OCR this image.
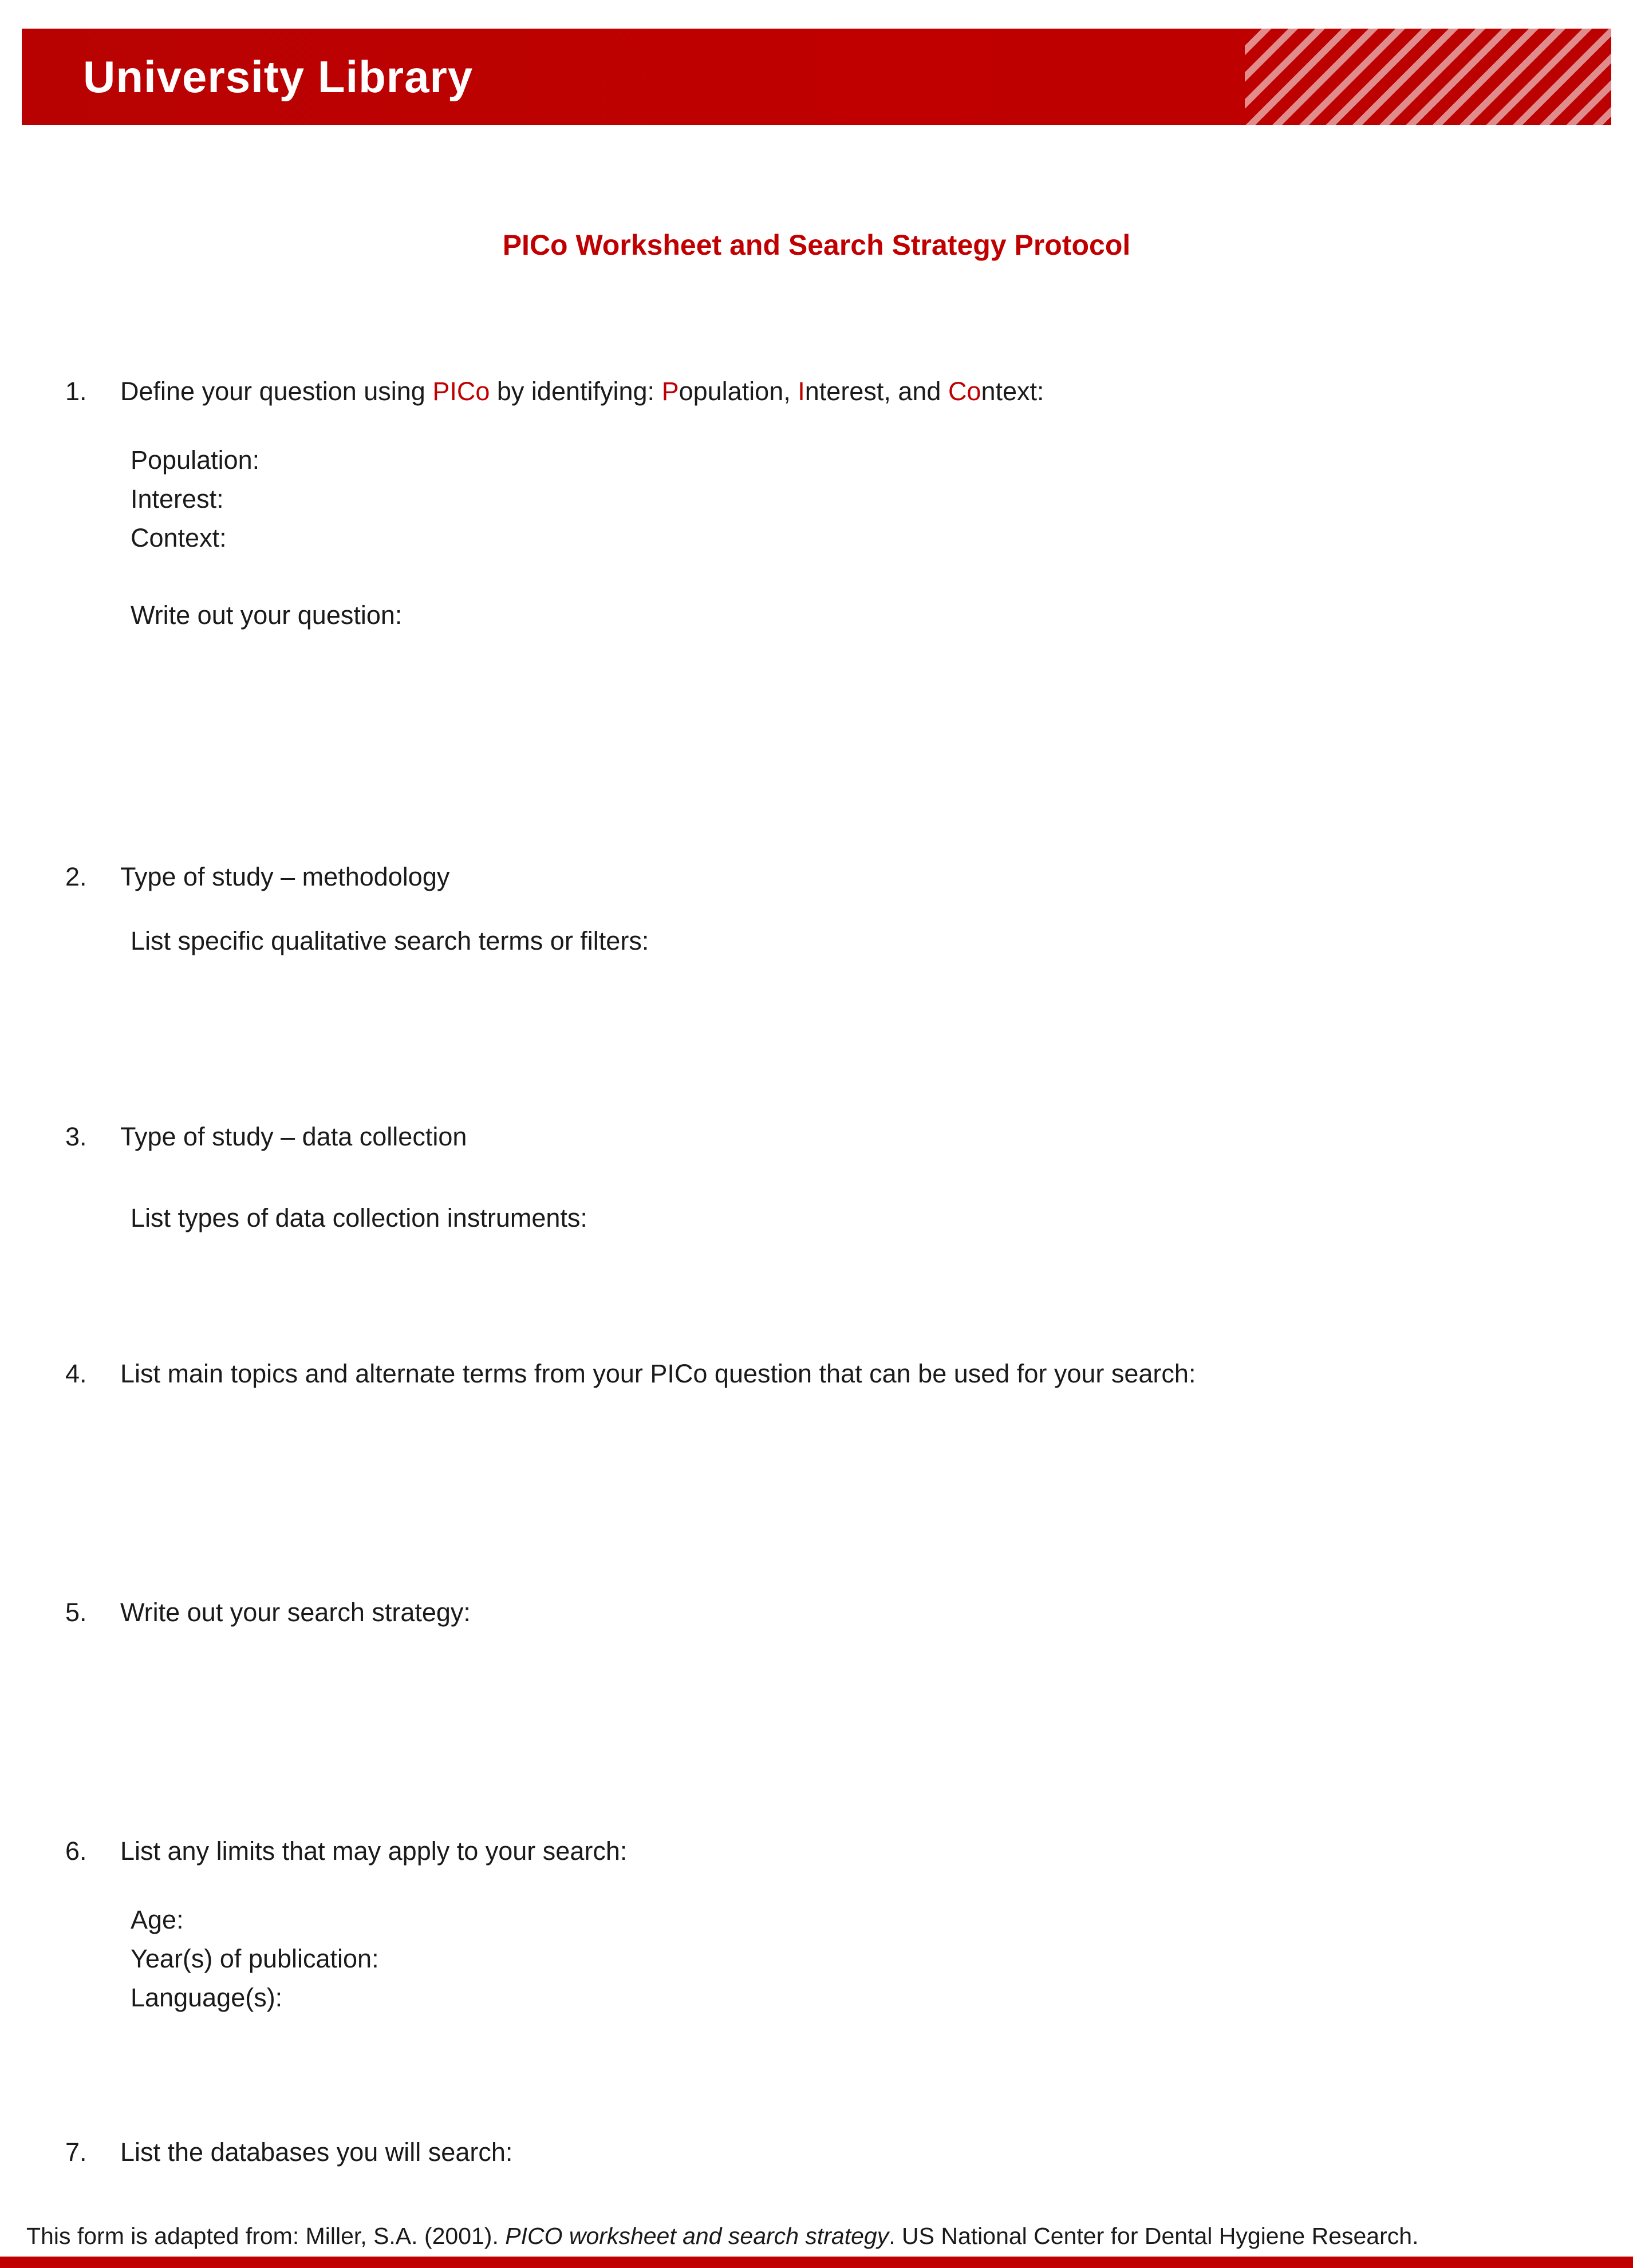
University Library
PICo Worksheet and Search Strategy Protocol
1.	Define your question using PICo by identifying: Population, Interest, and Context:
Population:
Interest:
Context:
Write out your question:
2.	Type of study – methodology
List specific qualitative search terms or filters:
3.	Type of study – data collection
List types of data collection instruments:
4.	List main topics and alternate terms from your PICo question that can be used for your search:
5.	Write out your search strategy:
6.	List any limits that may apply to your search:
Age:
Year(s) of publication:
Language(s):
7.	List the databases you will search:
This form is adapted from: Miller, S.A. (2001). PICO worksheet and search strategy. US National Center for Dental Hygiene Research.
